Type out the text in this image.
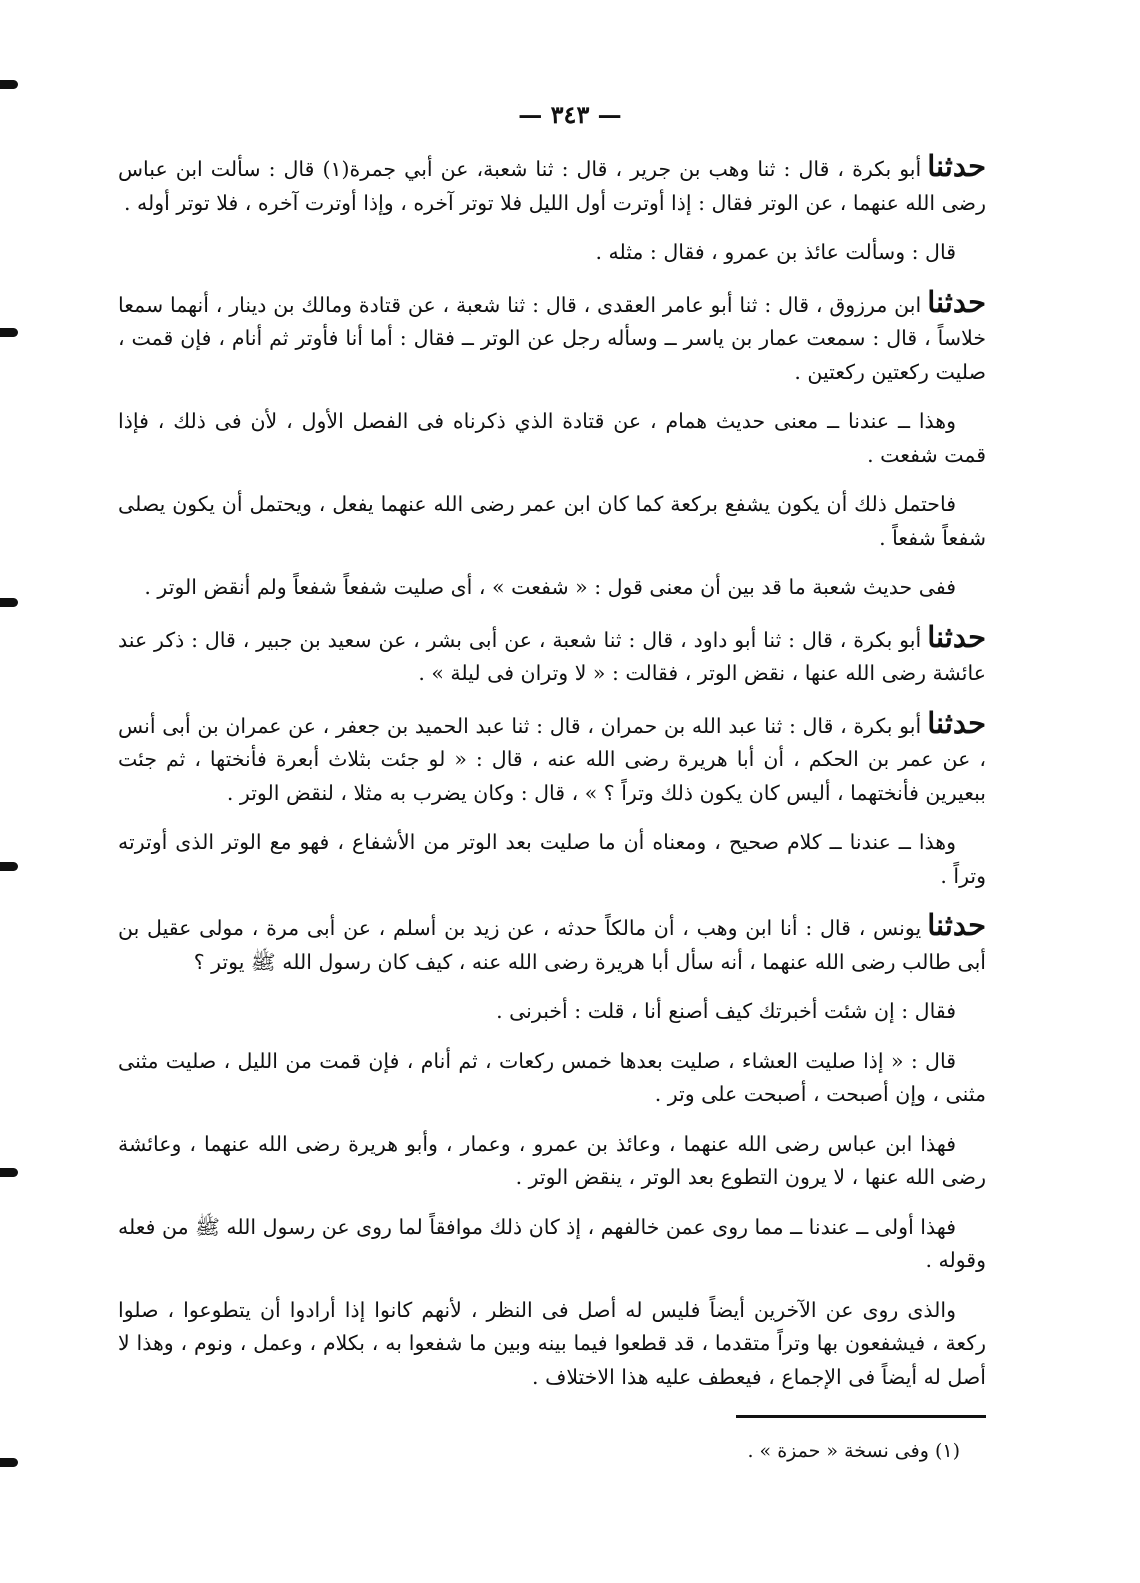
— ٣٤٣ —

حدثناأبو بكرة ، قال : ثنا وهب بن جرير ، قال : ثنا شعبة، عن أبي جمرة(١) قال : سألت ابن عباس رضى الله عنهما ، عن الوتر فقال : إذا أوترت أول الليل فلا توتر آخره ، وإذا أوترت آخره ، فلا توتر أوله .

قال : وسألت عائذ بن عمرو ، فقال : مثله .

حدثناابن مرزوق ، قال : ثنا أبو عامر العقدى ، قال : ثنا شعبة ، عن قتادة ومالك بن دينار ، أنهما سمعا خلاساً ، قال : سمعت عمار بن ياسر ــ وسأله رجل عن الوتر ــ فقال : أما أنا فأوتر ثم أنام ، فإن قمت ، صليت ركعتين ركعتين .

وهذا ــ عندنا ــ معنى حديث همام ، عن قتادة الذي ذكرناه فى الفصل الأول ، لأن فى ذلك ، فإذا قمت شفعت .

فاحتمل ذلك أن يكون يشفع بركعة كما كان ابن عمر رضى الله عنهما يفعل ، ويحتمل أن يكون يصلى شفعاً شفعاً .

ففى حديث شعبة ما قد بين أن معنى قول : « شفعت » ، أى صليت شفعاً شفعاً ولم أنقض الوتر .

حدثناأبو بكرة ، قال : ثنا أبو داود ، قال : ثنا شعبة ، عن أبى بشر ، عن سعيد بن جبير ، قال : ذكر عند عائشة رضى الله عنها ، نقض الوتر ، فقالت : « لا وتران فى ليلة » .

حدثناأبو بكرة ، قال : ثنا عبد الله بن حمران ، قال : ثنا عبد الحميد بن جعفر ، عن عمران بن أبى أنس ، عن عمر بن الحكم ، أن أبا هريرة رضى الله عنه ، قال : « لو جئت بثلاث أبعرة فأنختها ، ثم جئت ببعيرين فأنختهما ، أليس كان يكون ذلك وتراً ؟ » ، قال : وكان يضرب به مثلا ، لنقض الوتر .

وهذا ــ عندنا ــ كلام صحيح ، ومعناه أن ما صليت بعد الوتر من الأشفاع ، فهو مع الوتر الذى أوترته وتراً .

حدثنايونس ، قال : أنا ابن وهب ، أن مالكاً حدثه ، عن زيد بن أسلم ، عن أبى مرة ، مولى عقيل بن أبى طالب رضى الله عنهما ، أنه سأل أبا هريرة رضى الله عنه ، كيف كان رسول الله ﷺ يوتر ؟

فقال : إن شئت أخبرتك كيف أصنع أنا ، قلت : أخبرنى .

قال : « إذا صليت العشاء ، صليت بعدها خمس ركعات ، ثم أنام ، فإن قمت من الليل ، صليت مثنى مثنى ، وإن أصبحت ، أصبحت على وتر .

فهذا ابن عباس رضى الله عنهما ، وعائذ بن عمرو ، وعمار ، وأبو هريرة رضى الله عنهما ، وعائشة رضى الله عنها ، لا يرون التطوع بعد الوتر ، ينقض الوتر .

فهذا أولى ــ عندنا ــ مما روى عمن خالفهم ، إذ كان ذلك موافقاً لما روى عن رسول الله ﷺ من فعله وقوله .

والذى روى عن الآخرين أيضاً فليس له أصل فى النظر ، لأنهم كانوا إذا أرادوا أن يتطوعوا ، صلوا ركعة ، فيشفعون بها وتراً متقدما ، قد قطعوا فيما بينه وبين ما شفعوا به ، بكلام ، وعمل ، ونوم ، وهذا لا أصل له أيضاً فى الإجماع ، فيعطف عليه هذا الاختلاف .

(١) وفى نسخة « حمزة » .
